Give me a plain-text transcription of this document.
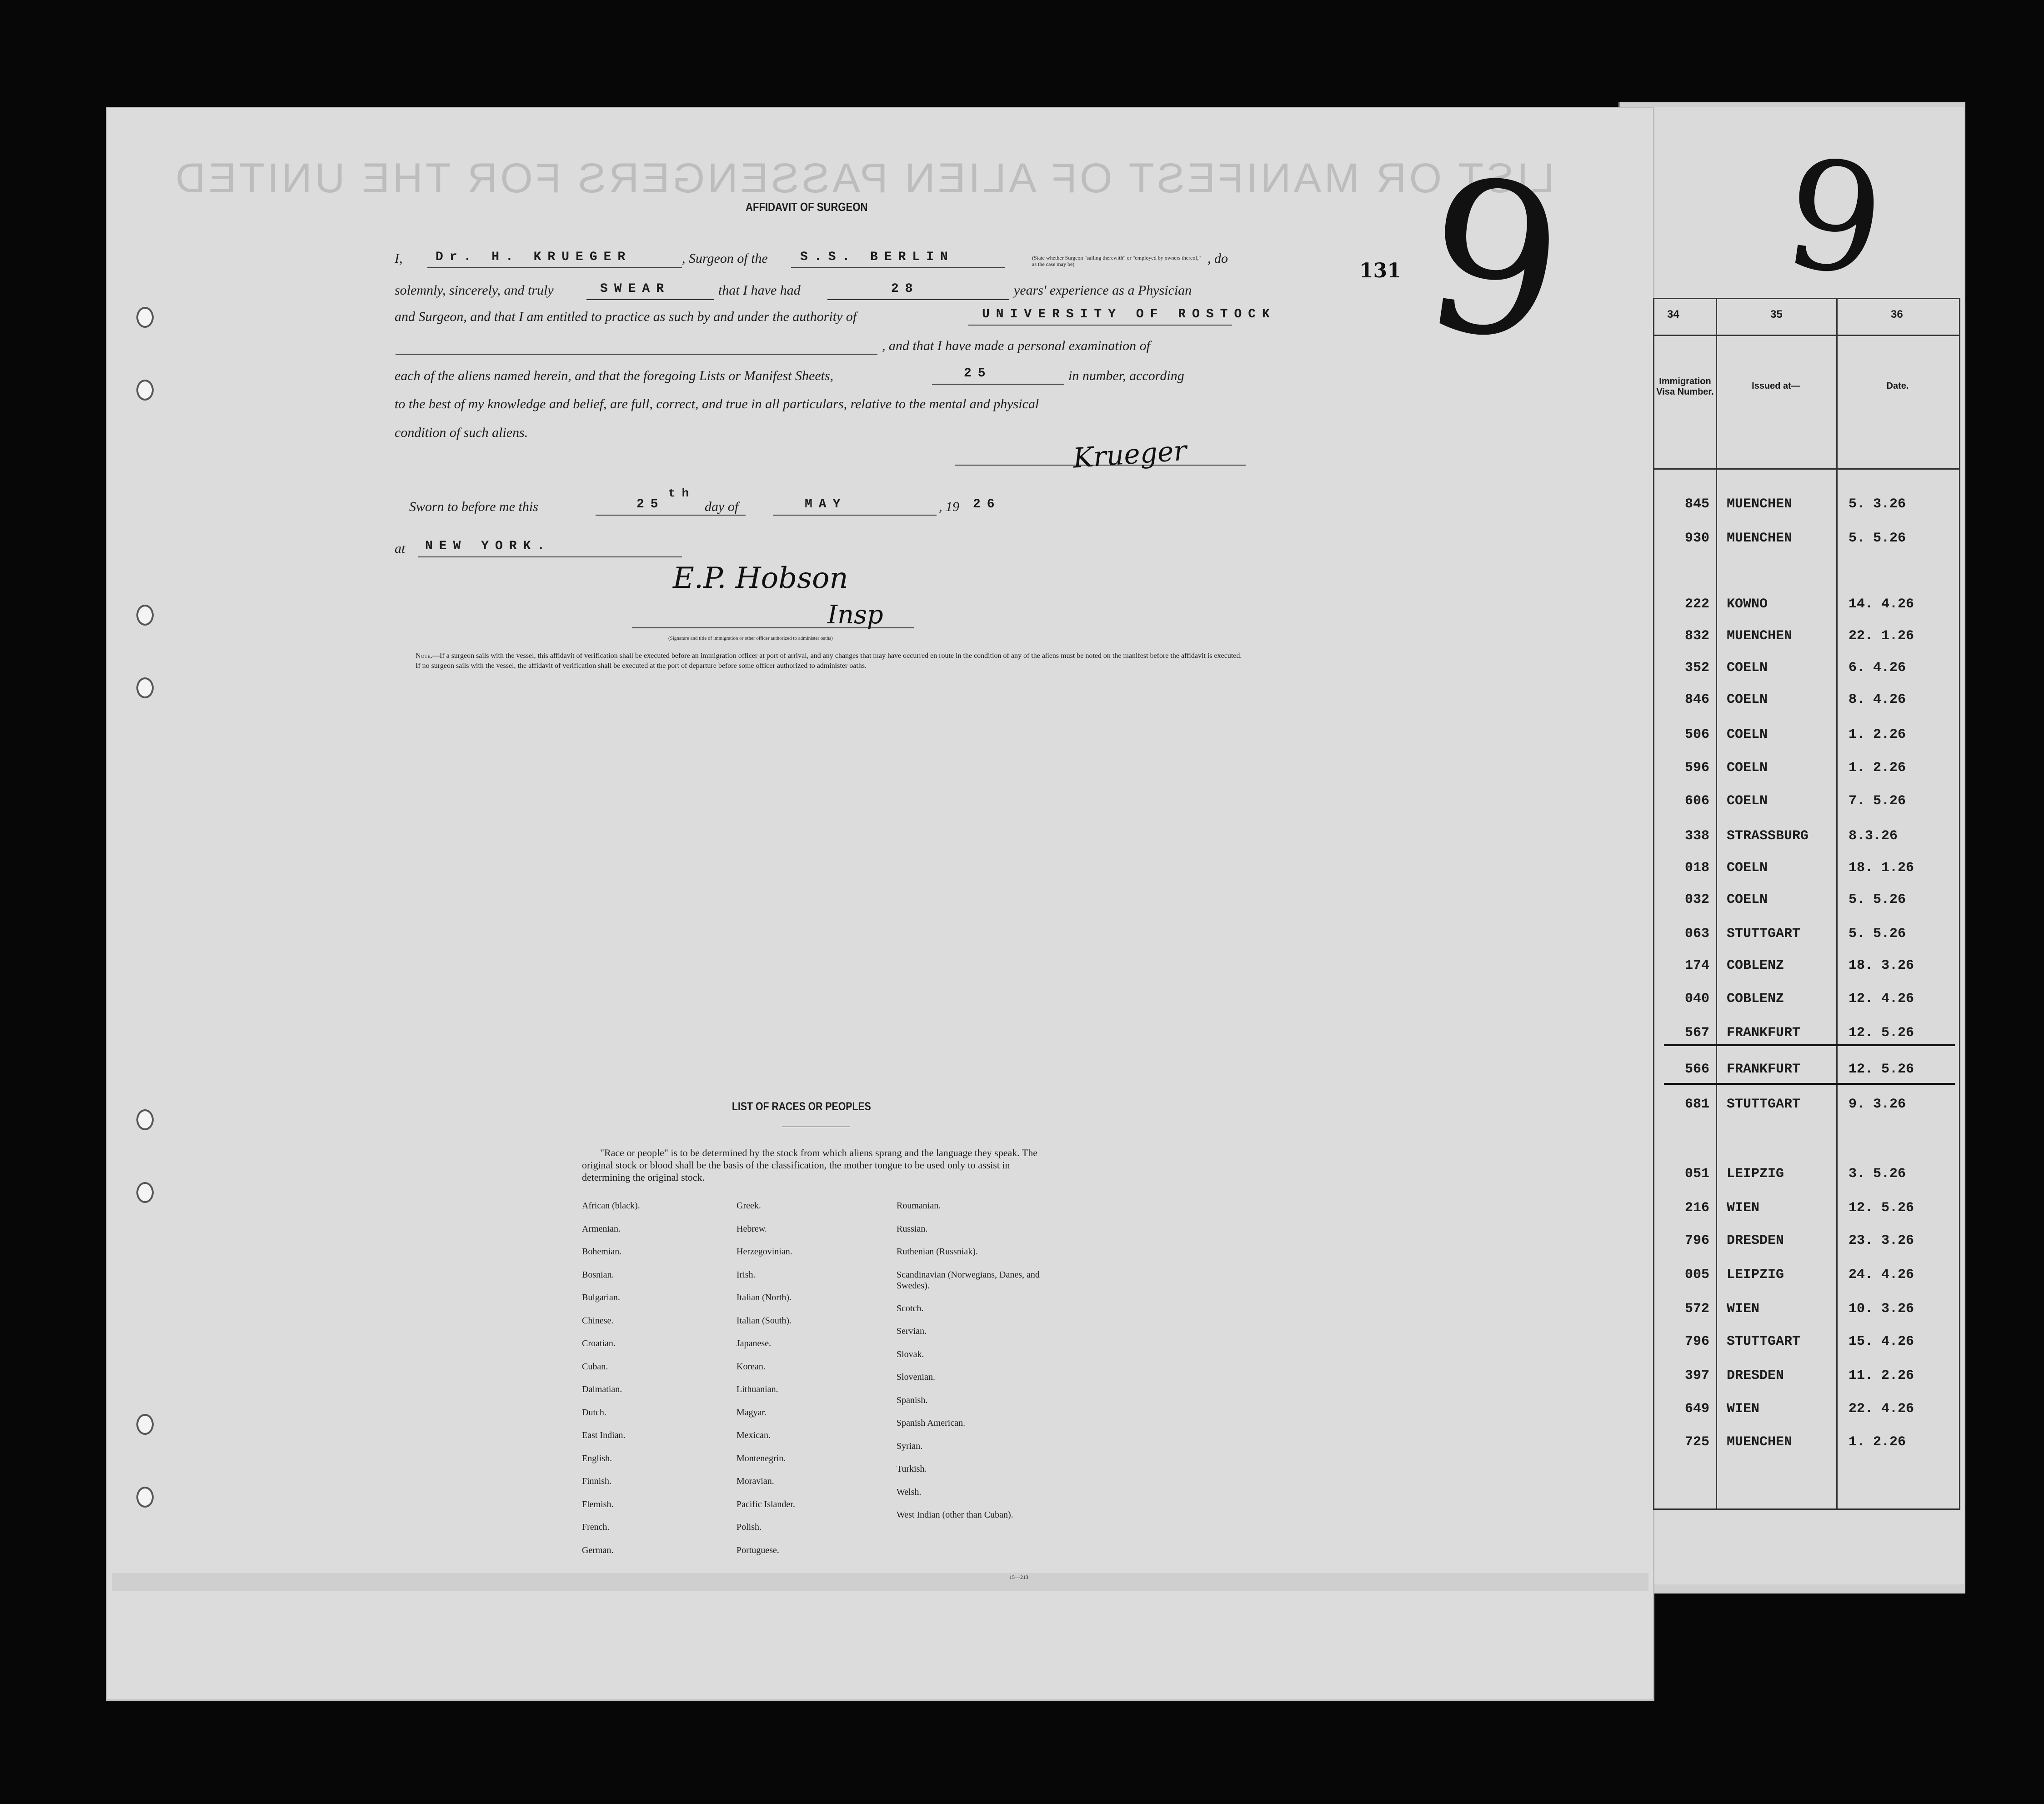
LIST OR MANIFEST OF ALIEN PASSENGERS FOR THE UNITED
AFFIDAVIT OF SURGEON
I,	Dr. H. KRUEGER	, Surgeon of the	S.S. BERLIN	(State whether Surgeon "sailing therewith" or "employed by owners thereof," as the case may be)	, do
solemnly, sincerely, and truly	SWEAR	that I have had	28	years' experience as a Physician
and Surgeon, and that I am entitled to practice as such by and under the authority of	UNIVERSITY OF ROSTOCK
, and that I have made a personal examination of
each of the aliens named herein, and that the foregoing Lists or Manifest Sheets,	25	in number, according
to the best of my knowledge and belief, are full, correct, and true in all particulars, relative to the mental and physical
condition of such aliens.
Krueger
Sworn to before me this	25
th
day of	MAY	, 19 26
at NEW YORK.
E.P. Hobson
Insp
(Signature and title of immigration or other officer authorized to administer oaths)
Note.—If a surgeon sails with the vessel, this affidavit of verification shall be executed before an immigration officer at port of arrival, and any changes that may have occurred en route in the condition of any of the aliens must be noted on the manifest before the affidavit is executed.
If no surgeon sails with the vessel, the affidavit of verification shall be executed at the port of departure before some officer authorized to administer oaths.
131 9 9
34	35	36
Immigration Visa Number.
Issued at—	Date.
845 MUENCHEN	5. 3.26
930 MUENCHEN	5. 5.26
222 KOWNO	14. 4.26
832 MUENCHEN	22. 1.26
352 COELN	6. 4.26
846 COELN	8. 4.26
506 COELN	1. 2.26
596 COELN	1. 2.26
606 COELN	7. 5.26
338 STRASSBURG	8.3.26
018 COELN	18. 1.26
032 COELN	5. 5.26
063 STUTTGART	5. 5.26
174 COBLENZ	18. 3.26
040 COBLENZ	12. 4.26
567 FRANKFURT	12. 5.26
566 FRANKFURT	12. 5.26
681 STUTTGART	9. 3.26
051 LEIPZIG	3. 5.26
216 WIEN	12. 5.26
796 DRESDEN	23. 3.26
005 LEIPZIG	24. 4.26
572 WIEN	10. 3.26
796 STUTTGART	15. 4.26
397 DRESDEN	11. 2.26
649 WIEN	22. 4.26
725 MUENCHEN	1. 2.26
LIST OF RACES OR PEOPLES
"Race or people" is to be determined by the stock from which aliens sprang and the language they speak. The original stock or blood shall be the basis of the classification, the mother tongue to be used only to assist in determining the original stock.
African (black).
Armenian.
Bohemian.
Bosnian.
Bulgarian.
Chinese.
Croatian.
Cuban.
Dalmatian.
Dutch.
East Indian.
English.
Finnish.
Flemish.
French.
German.
Greek.
Hebrew.
Herzegovinian.
Irish.
Italian (North).
Italian (South).
Japanese.
Korean.
Lithuanian.
Magyar.
Mexican.
Montenegrin.
Moravian.
Pacific Islander.
Polish.
Portuguese.
Roumanian.
Russian.
Ruthenian (Russniak).
Scandinavian (Norwegians, Danes, and Swedes).
Scotch.
Servian.
Slovak.
Slovenian.
Spanish.
Spanish American.
Syrian.
Turkish.
Welsh.
West Indian (other than Cuban).
15—213
